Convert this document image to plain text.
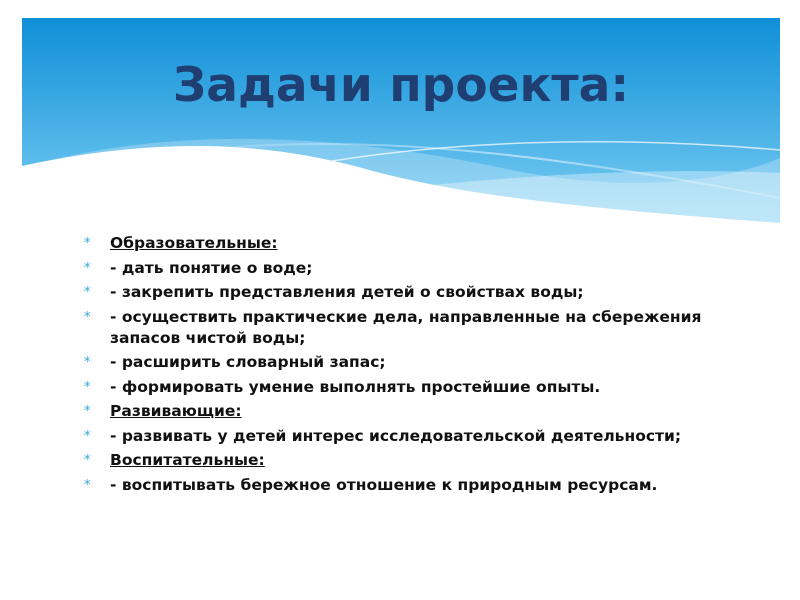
Задачи проекта:
* Образовательные:
* - дать понятие о воде;
* - закрепить представления детей о свойствах воды;
* - осуществить практические дела, направленные на сбережения запасов чистой воды;
* - расширить словарный запас;
* - формировать умение выполнять простейшие опыты.
* Развивающие:
* - развивать у детей интерес исследовательской деятельности;
* Воспитательные:
* - воспитывать бережное отношение к природным ресурсам.
